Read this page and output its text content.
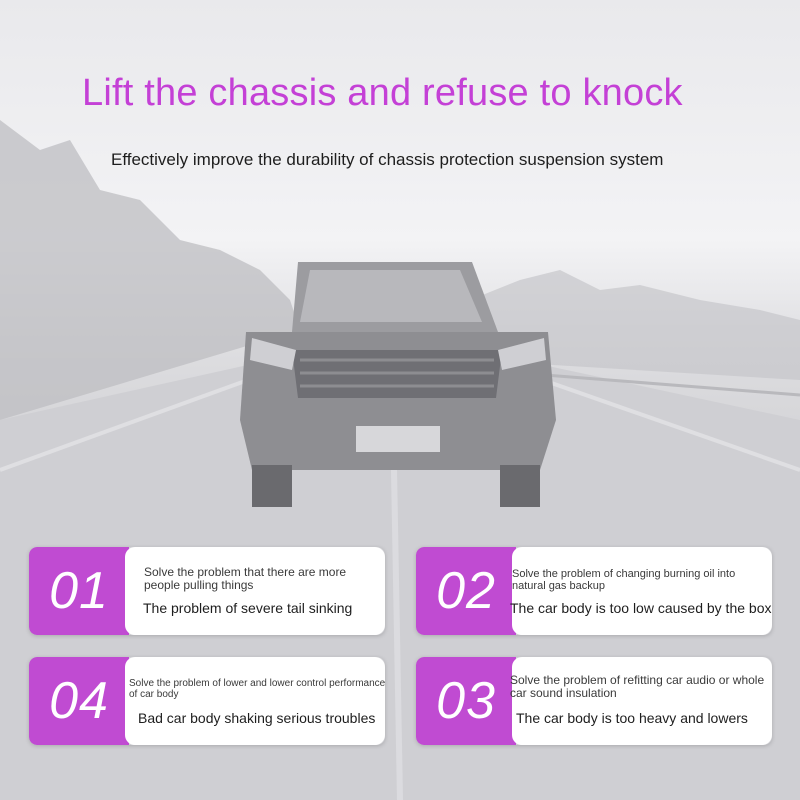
Lift the chassis and refuse to knock

Effectively improve the durability of chassis protection suspension system

01	Solve the problem that there are more people pulling things

The problem of severe tail sinking 02 Solve the problem of changing burning oil into natural gas backup

The car body is too low caused by the box

04 Solve the problem of lower and lower control performance of car body

Bad car body shaking serious troubles 03 Solve the problem of refitting car audio or whole car sound insulation

The car body is too heavy and lowers
